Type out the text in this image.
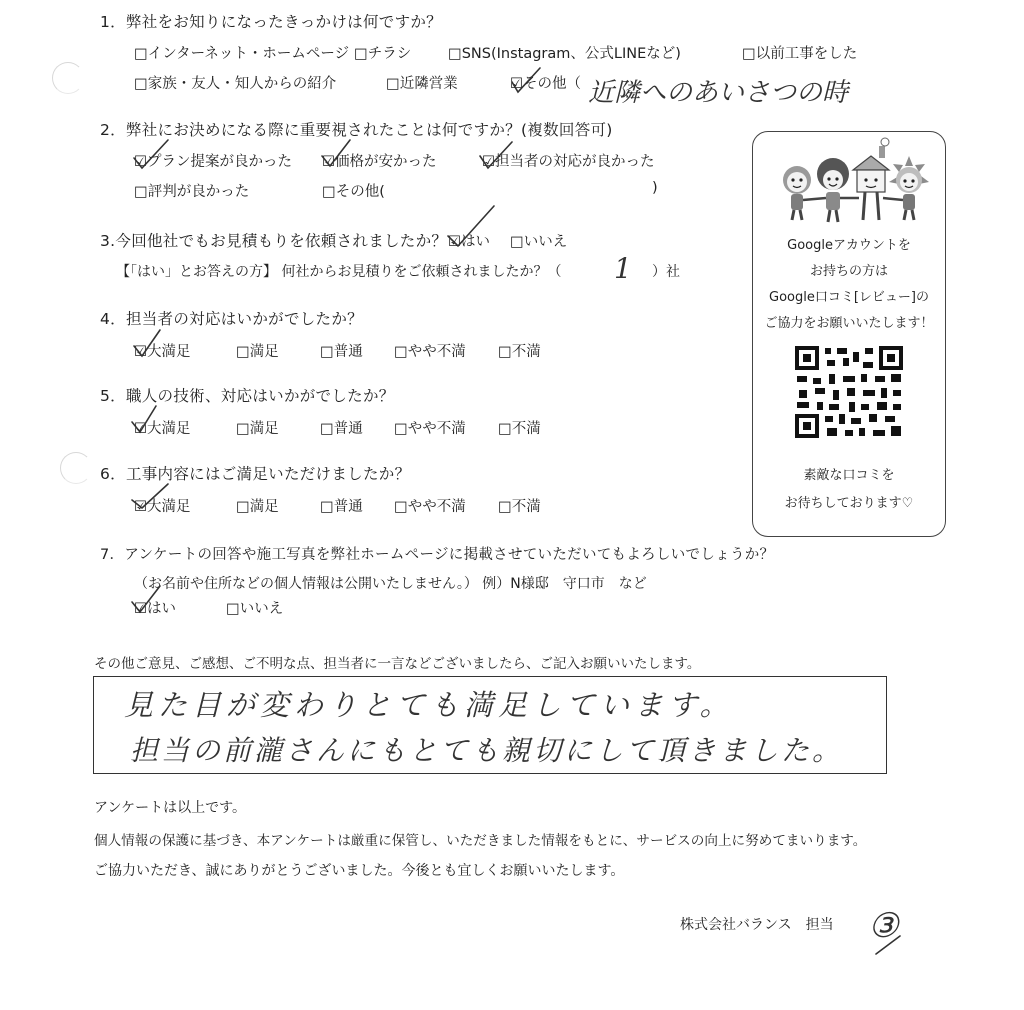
1．弊社をお知りになったきっかけは何ですか？
□インターネット・ホームページ □チラシ	□SNS(Instagram、公式LINEなど)	□以前工事をした
□家族・友人・知人からの紹介	□近隣営業	☑その他（ 近隣へのあいさつの時
2．弊社にお決めになる際に重要視されたことは何ですか？(複数回答可)
☑プラン提案が良かった ☑価格が安かった	☑担当者の対応が良かった
□評判が良かった	□その他(	)
3.今回他社でもお見積もりを依頼されましたか？ ☑はい □いいえ
【「はい」とお答えの方】 何社からお見積りをご依頼されましたか？（ 1 ）社
4．担当者の対応はいかがでしたか？
☑大満足	□満足	□普通 □やや不満 □不満
5．職人の技術、対応はいかがでしたか？
☑大満足	□満足	□普通 □やや不満 □不満
6．工事内容にはご満足いただけましたか？
☑大満足	□満足	□普通 □やや不満 □不満
7．アンケートの回答や施工写真を弊社ホームページに掲載させていただいてもよろしいでしょうか？
（お名前や住所などの個人情報は公開いたしません。） 例）N様邸　守口市　など
☑はい	□いいえ
Googleアカウントを
お持ちの方は
Google口コミ[レビュー]の
ご協力をお願いいたします！
素敵な口コミを
お待ちしております♡
その他ご意見、ご感想、ご不明な点、担当者に一言などございましたら、ご記入お願いいたします。
見た目が変わりとても満足しています。
担当の前瀧さんにもとても親切にして頂きました。
アンケートは以上です。
個人情報の保護に基づき、本アンケートは厳重に保管し、いただきました情報をもとに、サービスの向上に努めてまいります。
ご協力いただき、誠にありがとうございました。今後とも宜しくお願いいたします。
株式会社バランス　担当 ③
